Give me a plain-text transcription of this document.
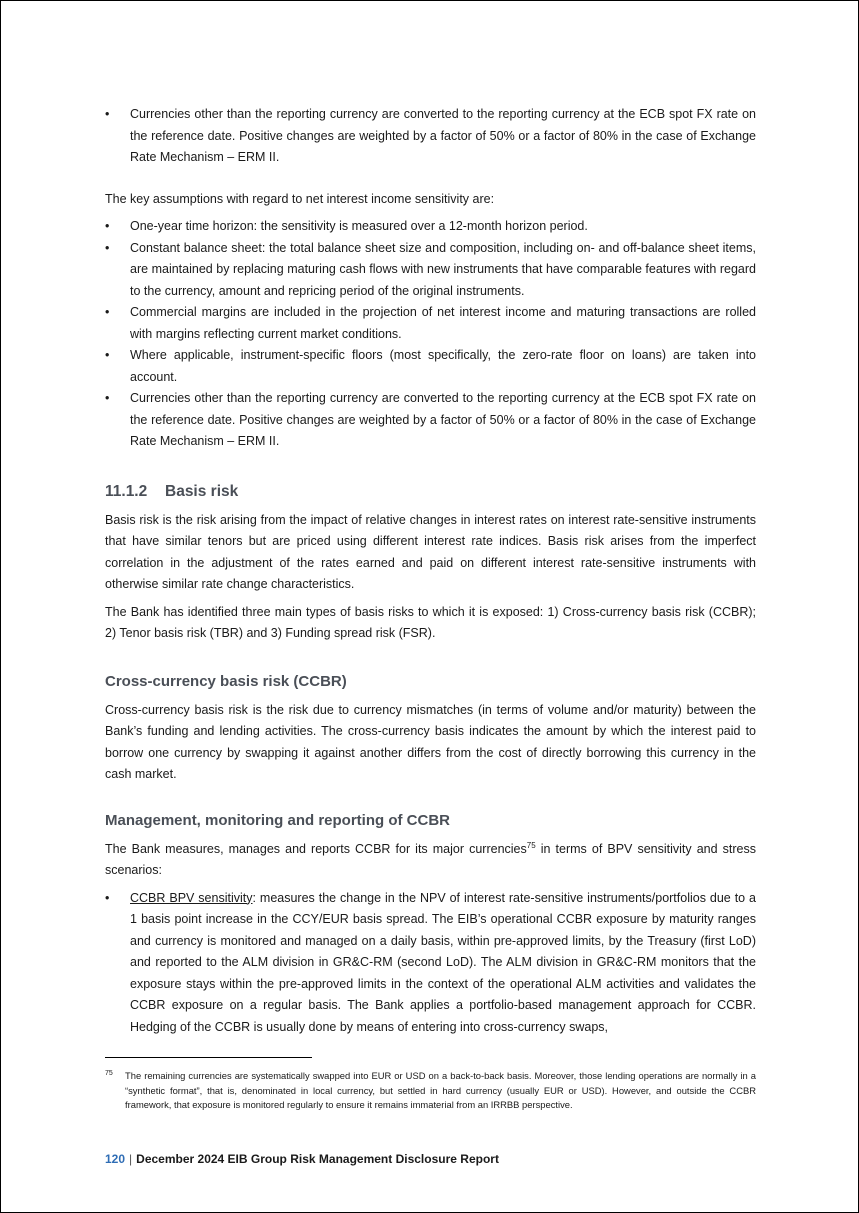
•
Currencies other than the reporting currency are converted to the reporting currency at the ECB spot FX rate on the reference date. Positive changes are weighted by a factor of 50% or a factor of 80% in the case of Exchange Rate Mechanism – ERM II.

The key assumptions with regard to net interest income sensitivity are:

•
One-year time horizon: the sensitivity is measured over a 12-month horizon period.
•
Constant balance sheet: the total balance sheet size and composition, including on- and off-balance sheet items, are maintained by replacing maturing cash flows with new instruments that have comparable features with regard to the currency, amount and repricing period of the original instruments.
•
Commercial margins are included in the projection of net interest income and maturing transactions are rolled with margins reflecting current market conditions.
•
Where applicable, instrument-specific floors (most specifically, the zero-rate floor on loans) are taken into account.
•
Currencies other than the reporting currency are converted to the reporting currency at the ECB spot FX rate on the reference date. Positive changes are weighted by a factor of 50% or a factor of 80% in the case of Exchange Rate Mechanism – ERM II.
11.1.2 Basis risk

Basis risk is the risk arising from the impact of relative changes in interest rates on interest rate-sensitive instruments that have similar tenors but are priced using different interest rate indices. Basis risk arises from the imperfect correlation in the adjustment of the rates earned and paid on different interest rate-sensitive instruments with otherwise similar rate change characteristics.

The Bank has identified three main types of basis risks to which it is exposed: 1) Cross-currency basis risk (CCBR); 2) Tenor basis risk (TBR) and 3) Funding spread risk (FSR).

Cross-currency basis risk (CCBR)

Cross-currency basis risk is the risk due to currency mismatches (in terms of volume and/or maturity) between the Bank’s funding and lending activities. The cross-currency basis indicates the amount by which the interest paid to borrow one currency by swapping it against another differs from the cost of directly borrowing this currency in the cash market.

Management, monitoring and reporting of CCBR

The Bank measures, manages and reports CCBR for its major currencies$^{75}$ in terms of BPV sensitivity and stress scenarios:

•
CCBR BPV sensitivity: measures the change in the NPV of interest rate-sensitive instruments/portfolios due to a 1 basis point increase in the CCY/EUR basis spread. The EIB’s operational CCBR exposure by maturity ranges and currency is monitored and managed on a daily basis, within pre-approved limits, by the Treasury (first LoD) and reported to the ALM division in GR&C-RM (second LoD). The ALM division in GR&C-RM monitors that the exposure stays within the pre-approved limits in the context of the operational ALM activities and validates the CCBR exposure on a regular basis. The Bank applies a portfolio-based management approach for CCBR. Hedging of the CCBR is usually done by means of entering into cross-currency swaps,
75	The remaining currencies are systematically swapped into EUR or USD on a back-to-back basis. Moreover, those lending operations are normally in a “synthetic format”, that is, denominated in local currency, but settled in hard currency (usually EUR or USD). However, and outside the CCBR framework, that exposure is monitored regularly to ensure it remains immaterial from an IRRBB perspective.
120 | December 2024 EIB Group Risk Management Disclosure Report
